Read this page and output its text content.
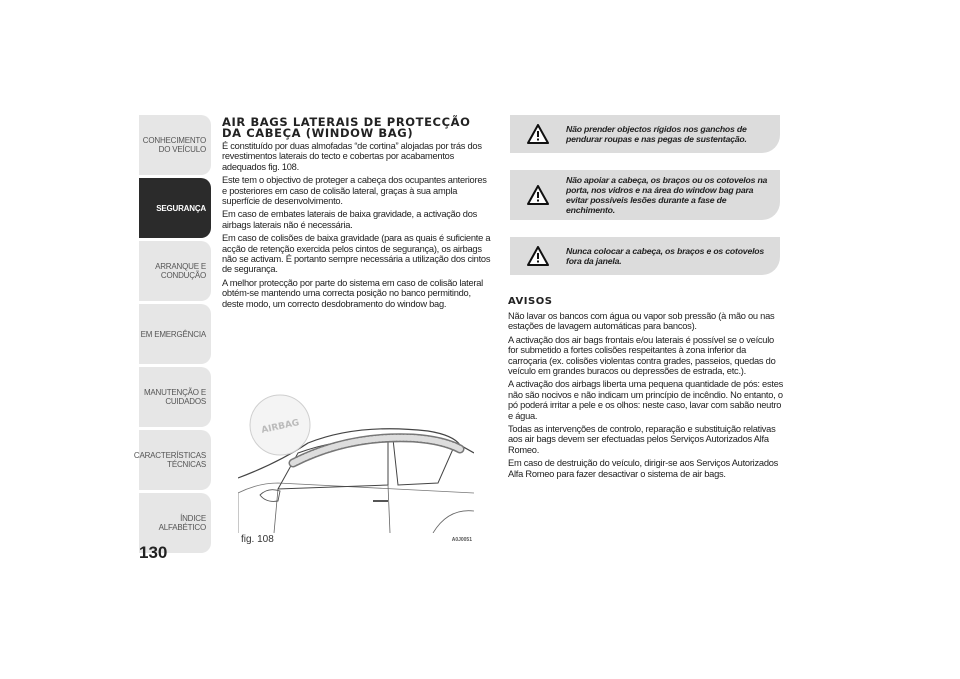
CONHECIMENTO DO VEÍCULO
SEGURANÇA
ARRANQUE E CONDUÇÃO
EM EMERGÊNCIA
MANUTENÇÃO E CUIDADOS
CARACTERÍSTICAS TÉCNICAS
ÍNDICE ALFABÉTICO
130
AIR BAGS LATERAIS DE PROTECÇÃO DA CABEÇA (WINDOW BAG)

É constituído por duas almofadas “de cortina” alojadas por trás dos revestimentos laterais do tecto e cobertas por acabamentos adequados fig. 108.

Este tem o objectivo de proteger a cabeça dos ocupantes anteriores e posteriores em caso de colisão lateral, graças à sua ampla superfície de desenvolvimento.

Em caso de embates laterais de baixa gravidade, a activação dos airbags laterais não é necessária.

Em caso de colisões de baixa gravidade (para as quais é suficiente a acção de retenção exercida pelos cintos de segurança), os airbags não se activam. É portanto sempre necessária a utilização dos cintos de segurança.

A melhor protecção por parte do sistema em caso de colisão lateral obtém-se mantendo uma correcta posição no banco permitindo, deste modo, um correcto desdobramento do window bag.

AIRBAG
fig. 108	A0J0051

Não prender objectos rígidos nos ganchos de pendurar roupas e nas pegas de sustentação.

Não apoiar a cabeça, os braços ou os cotovelos na porta, nos vidros e na área do window bag para evitar possíveis lesões durante a fase de enchimento.

Nunca colocar a cabeça, os braços e os cotovelos fora da janela.

AVISOS

Não lavar os bancos com água ou vapor sob pressão (à mão ou nas estações de lavagem automáticas para bancos).

A activação dos air bags frontais e/ou laterais é possível se o veículo for submetido a fortes colisões respeitantes à zona inferior da carroçaria (ex. colisões violentas contra grades, passeios, quedas do veículo em grandes buracos ou depressões de estrada, etc.).

A activação dos airbags liberta uma pequena quantidade de pós: estes não são nocivos e não indicam um princípio de incêndio. No entanto, o pó poderá irritar a pele e os olhos: neste caso, lavar com sabão neutro e água.

Todas as intervenções de controlo, reparação e substituição relativas aos air bags devem ser efectuadas pelos Serviços Autorizados Alfa Romeo.

Em caso de destruição do veículo, dirigir-se aos Serviços Autorizados Alfa Romeo para fazer desactivar o sistema de air bags.
